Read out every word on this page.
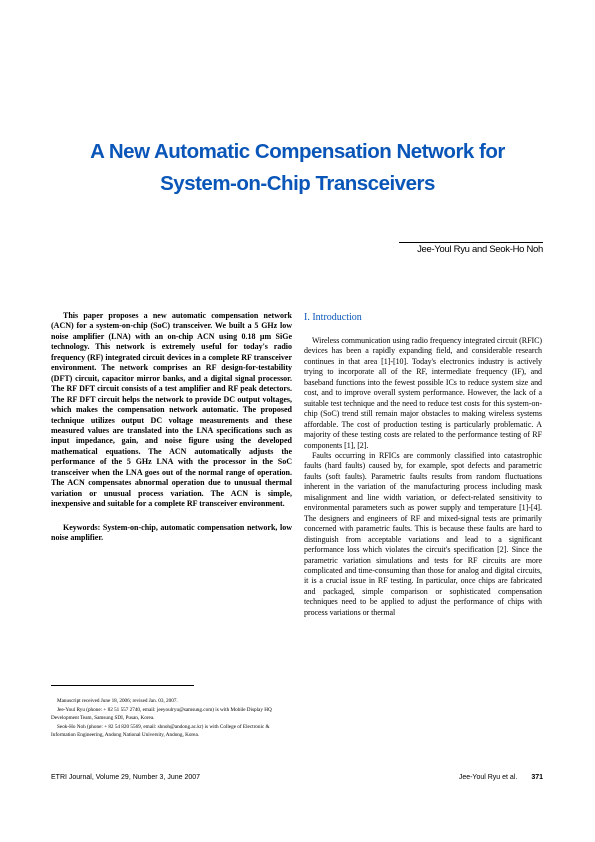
A New Automatic Compensation Network for
System-on-Chip Transceivers
Jee-Youl Ryu and Seok-Ho Noh

This paper proposes a new automatic compensation network (ACN) for a system-on-chip (SoC) transceiver. We built a 5 GHz low noise amplifier (LNA) with an on-chip ACN using 0.18 µm SiGe technology. This network is extremely useful for today's radio frequency (RF) integrated circuit devices in a complete RF transceiver environment. The network comprises an RF design-for-testability (DFT) circuit, capacitor mirror banks, and a digital signal processor. The RF DFT circuit consists of a test amplifier and RF peak detectors. The RF DFT circuit helps the network to provide DC output voltages, which makes the compensation network automatic. The proposed technique utilizes output DC voltage measurements and these measured values are translated into the LNA specifications such as input impedance, gain, and noise figure using the developed mathematical equations. The ACN automatically adjusts the performance of the 5 GHz LNA with the processor in the SoC transceiver when the LNA goes out of the normal range of operation. The ACN compensates abnormal operation due to unusual thermal variation or unusual process variation. The ACN is simple, inexpensive and suitable for a complete RF transceiver environment.

Keywords: System-on-chip, automatic compensation network, low noise amplifier.

Manuscript received June 18, 2006; revised Jan. 03, 2007.

Jee-Youl Ryu (phone: + 82 51 557 2740, email: jeeyoulryu@samsung.com) is with Mobile Display HQ Development Team, Samsung SDI, Pusan, Korea.

Seok-Ho Noh (phone: + 82 54 820 5569, email: shnoh@andong.ac.kr) is with College of Electronic & Information Engineering, Andong National University, Andong, Korea.

I. Introduction

Wireless communication using radio frequency integrated circuit (RFIC) devices has been a rapidly expanding field, and considerable research continues in that area [1]-[10]. Today's electronics industry is actively trying to incorporate all of the RF, intermediate frequency (IF), and baseband functions into the fewest possible ICs to reduce system size and cost, and to improve overall system performance. However, the lack of a suitable test technique and the need to reduce test costs for this system-on-chip (SoC) trend still remain major obstacles to making wireless systems affordable. The cost of production testing is particularly problematic. A majority of these testing costs are related to the performance testing of RF components [1], [2].

Faults occurring in RFICs are commonly classified into catastrophic faults (hard faults) caused by, for example, spot defects and parametric faults (soft faults). Parametric faults results from random fluctuations inherent in the variation of the manufacturing process including mask misalignment and line width variation, or defect-related sensitivity to environmental parameters such as power supply and temperature [1]-[4]. The designers and engineers of RF and mixed-signal tests are primarily concerned with parametric faults. This is because these faults are hard to distinguish from acceptable variations and lead to a significant performance loss which violates the circuit's specification [2]. Since the parametric variation simulations and tests for RF circuits are more complicated and time-consuming than those for analog and digital circuits, it is a crucial issue in RF testing. In particular, once chips are fabricated and packaged, simple comparison or sophisticated compensation techniques need to be applied to adjust the performance of chips with process variations or thermal

ETRI Journal, Volume 29, Number 3, June 2007	Jee-Youl Ryu et al. 371
